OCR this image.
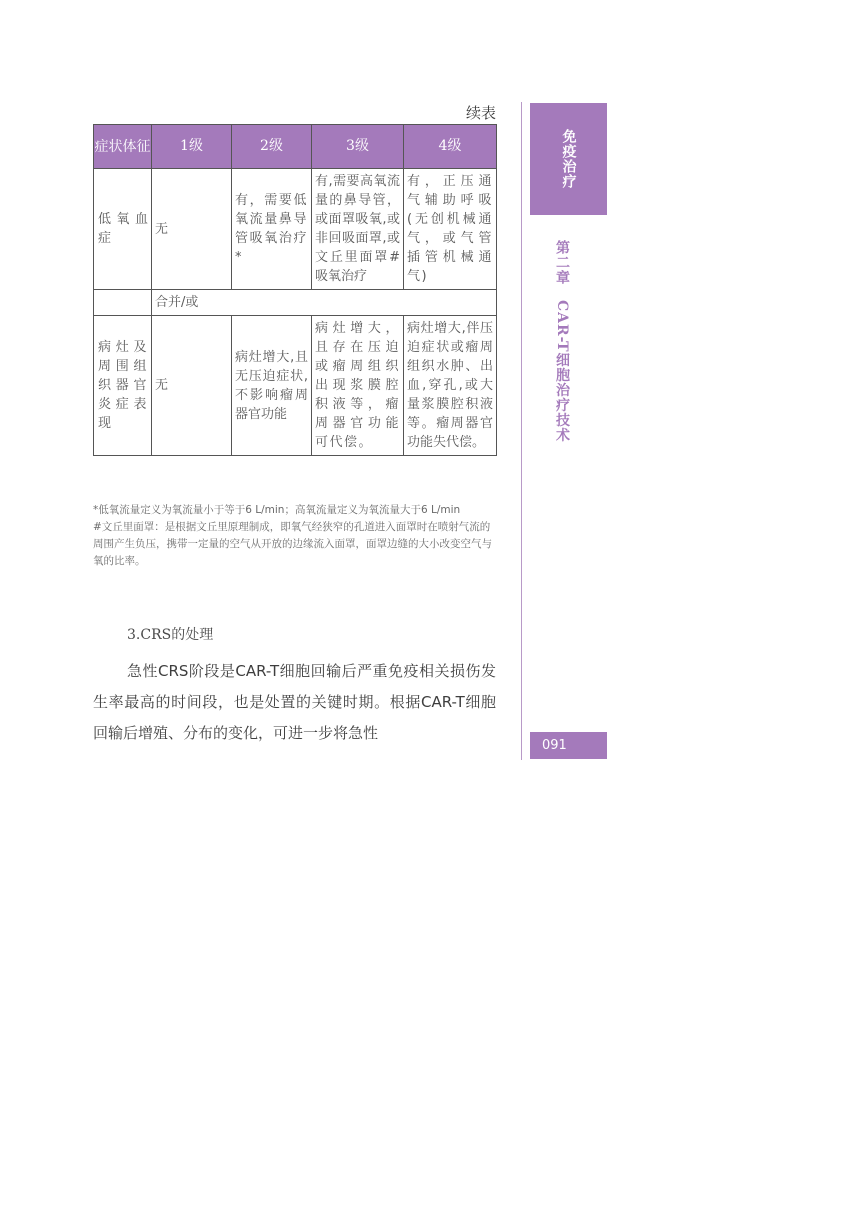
续表
症状体征	1级	2级	3级	4级
低氧血症	无	有，需要低氧流量鼻导管吸氧治疗*	有,需要高氧流量的鼻导管，或面罩吸氧,或非回吸面罩,或文丘里面罩#吸氧治疗	有，正压通气辅助呼吸(无创机械通气，或气管插管机械通气)
	合并/或			
病灶及周围组织器官炎症表现	无	病灶增大,且无压迫症状,不影响瘤周器官功能	病灶增大，且存在压迫或瘤周组织出现浆膜腔积液等，瘤周器官功能可代偿。	病灶增大,伴压迫症状或瘤周组织水肿、出血,穿孔,或大量浆膜腔积液等。瘤周器官功能失代偿。

*低氧流量定义为氧流量小于等于6 L/min；高氧流量定义为氧流量大于6 L/min

#文丘里面罩：是根据文丘里原理制成，即氧气经狭窄的孔道进入面罩时在喷射气流的周围产生负压，携带一定量的空气从开放的边缘流入面罩，面罩边缝的大小改变空气与氧的比率。

3.CRS的处理

急性CRS阶段是CAR-T细胞回输后严重免疫相关损伤发生率最高的时间段，也是处置的关键时期。根据CAR-T细胞回输后增殖、分布的变化，可进一步将急性

免疫治疗
第二章　CAR-T细胞治疗技术
091
